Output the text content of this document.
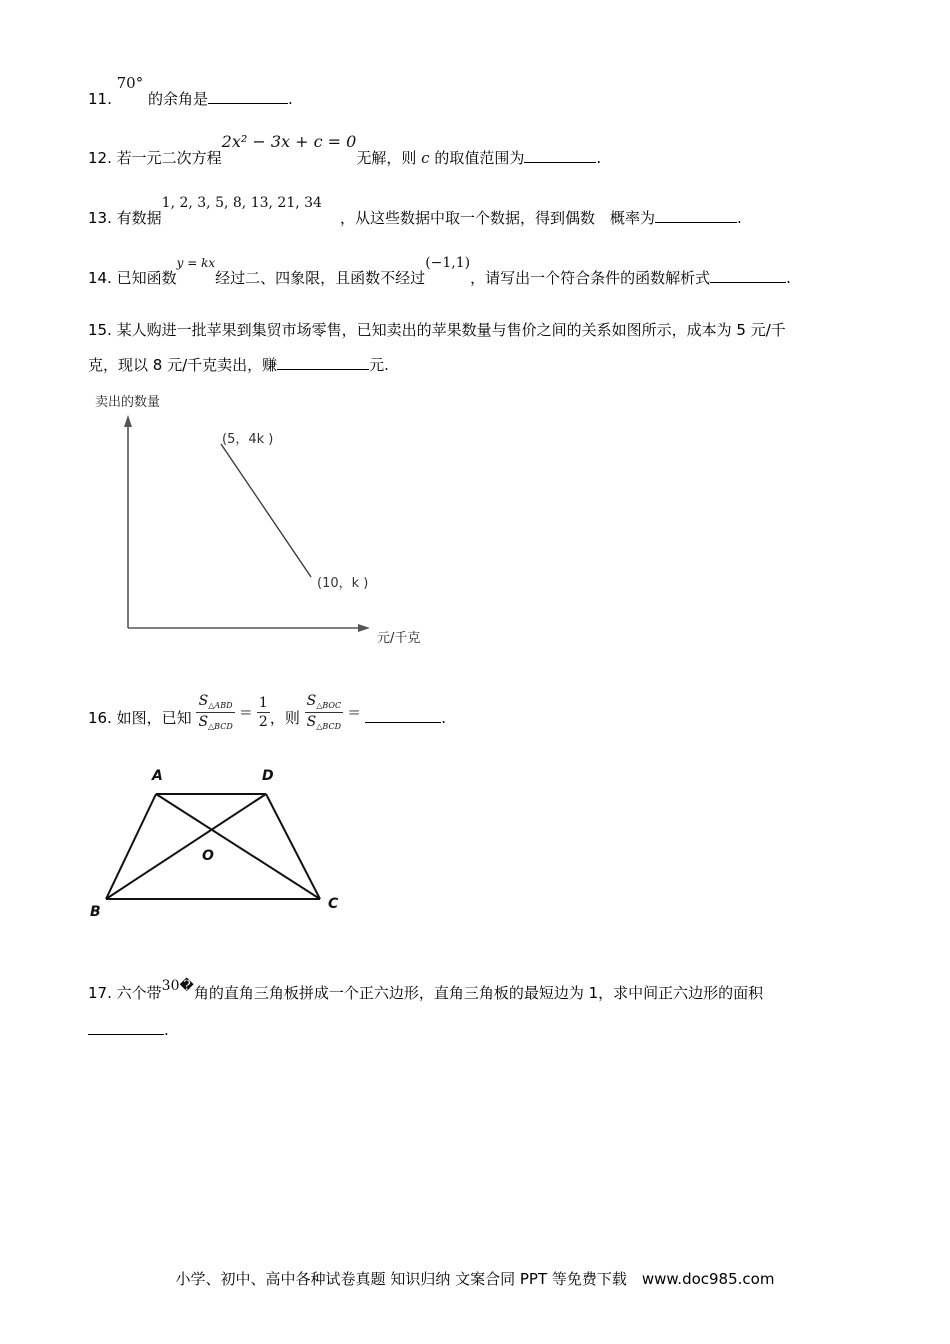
11. 70° 的余角是	.
12. 若一元二次方程2x² − 3x + c = 0无解，则 c 的取值范围为	.
13. 有数据1, 2, 3, 5, 8, 13, 21, 34，从这些数据中取一个数据，得到偶数　概率为	.
14. 已知函数$^{y = kx}$经过二、四象限，且函数不经过(−1,1)，请写出一个符合条件的函数解析式	.
15. 某人购进一批苹果到集贸市场零售，已知卖出的苹果数量与售价之间的关系如图所示，成本为 5 元/千
克，现以 8 元/千克卖出，赚	元.
卖出的数量
元/千克
(5，4k )
(10，k )
16. 如图，已知 $\frac{S_{\triangle ABD}}{S_{\triangle BCD}} = \frac{1}{2}$ ，则 $\frac{S_{\triangle BOC}}{S_{\triangle BCD}}$ =	.
A	D
B	C
O
17. 六个带30�角的直角三角板拼成一个正六边形，直角三角板的最短边为 1，求中间正六边形的面积
.
小学、初中、高中各种试卷真题 知识归纳 文案合同 PPT 等免费下载　www.doc985.com
